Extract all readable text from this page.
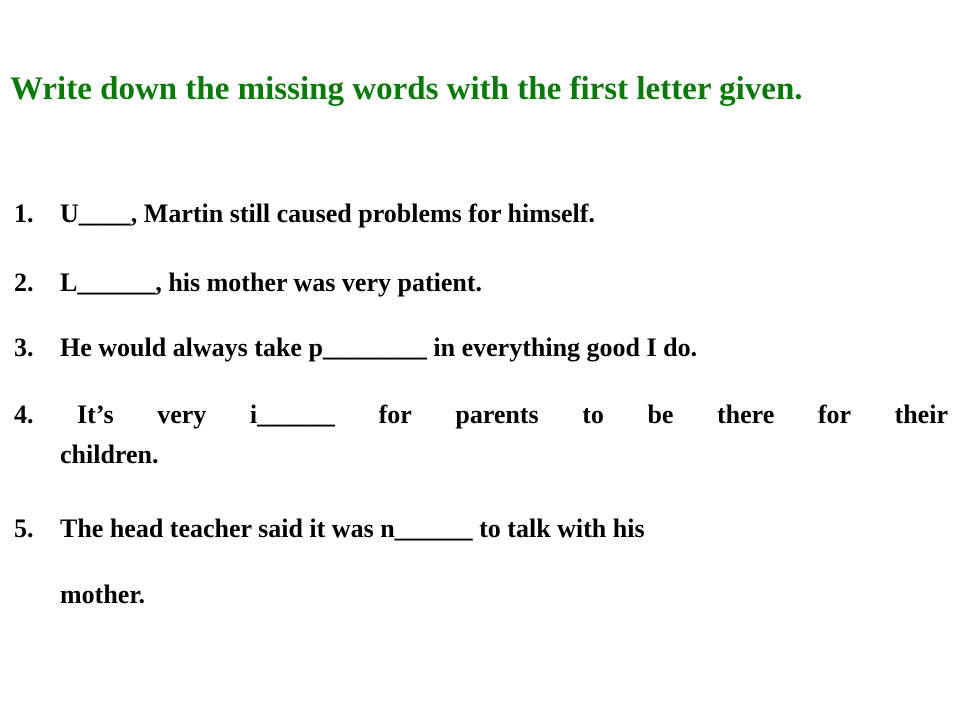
Write down the missing words with the first letter given.

1. U____, Martin still caused problems for himself.

2. L______, his mother was very patient.

3. He would always take p________ in everything good I do.

4. It’s very i______ for parents to be there for their
children.

5. The head teacher said it was n______ to talk with his

mother.
